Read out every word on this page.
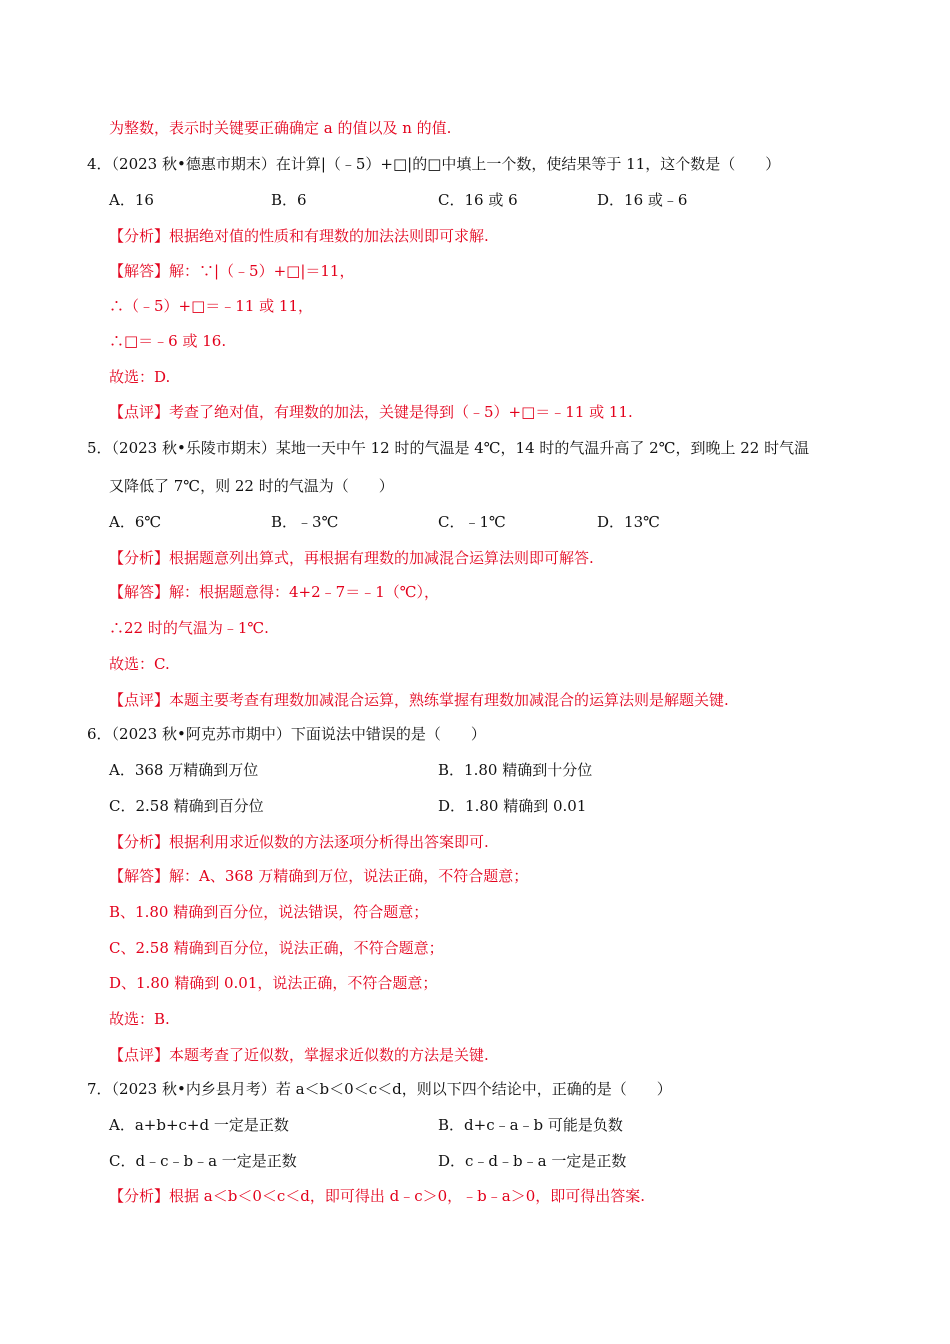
为整数，表示时关键要正确确定 a 的值以及 n 的值.
4．（2023 秋•德惠市期末）在计算|（﹣5）+□|的□中填上一个数，使结果等于 11，这个数是（　　）
A．16	B．6	C．16 或 6	D．16 或﹣6
【分析】根据绝对值的性质和有理数的加法法则即可求解.
【解答】解：∵|（﹣5）+□|＝11，
∴（﹣5）+□＝﹣11 或 11，
∴□＝﹣6 或 16.
故选：D.
【点评】考查了绝对值，有理数的加法，关键是得到（﹣5）+□＝﹣11 或 11.
5．（2023 秋•乐陵市期末）某地一天中午 12 时的气温是 4℃，14 时的气温升高了 2℃，到晚上 22 时气温
又降低了 7℃，则 22 时的气温为（　　）
A．6℃	B．﹣3℃	C．﹣1℃	D．13℃
【分析】根据题意列出算式，再根据有理数的加减混合运算法则即可解答.
【解答】解：根据题意得：4+2﹣7＝﹣1（℃），
∴22 时的气温为﹣1℃.
故选：C.
【点评】本题主要考查有理数加减混合运算，熟练掌握有理数加减混合的运算法则是解题关键.
6．（2023 秋•阿克苏市期中）下面说法中错误的是（　　）
A．368 万精确到万位	B．1.80 精确到十分位
C．2.58 精确到百分位	D．1.80 精确到 0.01
【分析】根据利用求近似数的方法逐项分析得出答案即可.
【解答】解：A、368 万精确到万位，说法正确，不符合题意；
B、1.80 精确到百分位，说法错误，符合题意；
C、2.58 精确到百分位，说法正确，不符合题意；
D、1.80 精确到 0.01，说法正确，不符合题意；
故选：B.
【点评】本题考查了近似数，掌握求近似数的方法是关键.
7．（2023 秋•内乡县月考）若 a＜b＜0＜c＜d，则以下四个结论中，正确的是（　　）
A．a+b+c+d 一定是正数	B．d+c﹣a﹣b 可能是负数
C．d﹣c﹣b﹣a 一定是正数	D．c﹣d﹣b﹣a 一定是正数
【分析】根据 a＜b＜0＜c＜d，即可得出 d﹣c＞0，﹣b﹣a＞0，即可得出答案.
